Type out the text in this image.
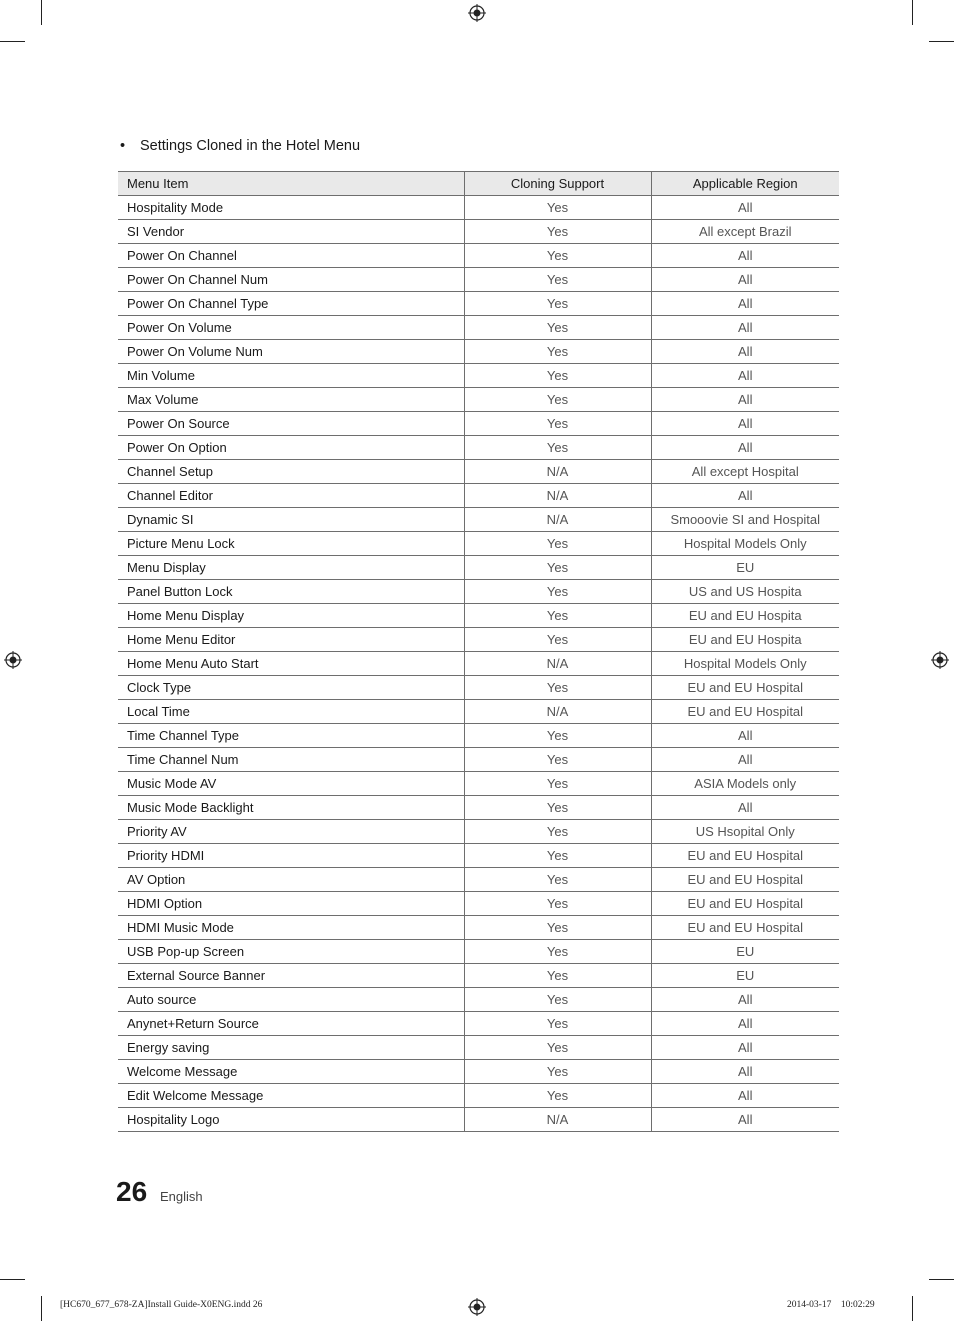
• Settings Cloned in the Hotel Menu
Menu Item	Cloning Support	Applicable Region
Hospitality Mode	Yes	All
SI Vendor	Yes	All except Brazil
Power On Channel	Yes	All
Power On Channel Num	Yes	All
Power On Channel Type	Yes	All
Power On Volume	Yes	All
Power On Volume Num	Yes	All
Min Volume	Yes	All
Max Volume	Yes	All
Power On Source	Yes	All
Power On Option	Yes	All
Channel Setup	N/A	All except Hospital
Channel Editor	N/A	All
Dynamic SI	N/A	Smooovie SI and Hospital
Picture Menu Lock	Yes	Hospital Models Only
Menu Display	Yes	EU
Panel Button Lock	Yes	US and US Hospita
Home Menu Display	Yes	EU and EU Hospita
Home Menu Editor	Yes	EU and EU Hospita
Home Menu Auto Start	N/A	Hospital Models Only
Clock Type	Yes	EU and EU Hospital
Local Time	N/A	EU and EU Hospital
Time Channel Type	Yes	All
Time Channel Num	Yes	All
Music Mode AV	Yes	ASIA Models only
Music Mode Backlight	Yes	All
Priority AV	Yes	US Hsopital Only
Priority HDMI	Yes	EU and EU Hospital
AV Option	Yes	EU and EU Hospital
HDMI Option	Yes	EU and EU Hospital
HDMI Music Mode	Yes	EU and EU Hospital
USB Pop-up Screen	Yes	EU
External Source Banner	Yes	EU
Auto source	Yes	All
Anynet+Return Source	Yes	All
Energy saving	Yes	All
Welcome Message	Yes	All
Edit Welcome Message	Yes	All
Hospitality Logo	N/A	All
26 English
[HC670_677_678-ZA]Install Guide-X0ENG.indd 26	2014-03-17    10:02:29
